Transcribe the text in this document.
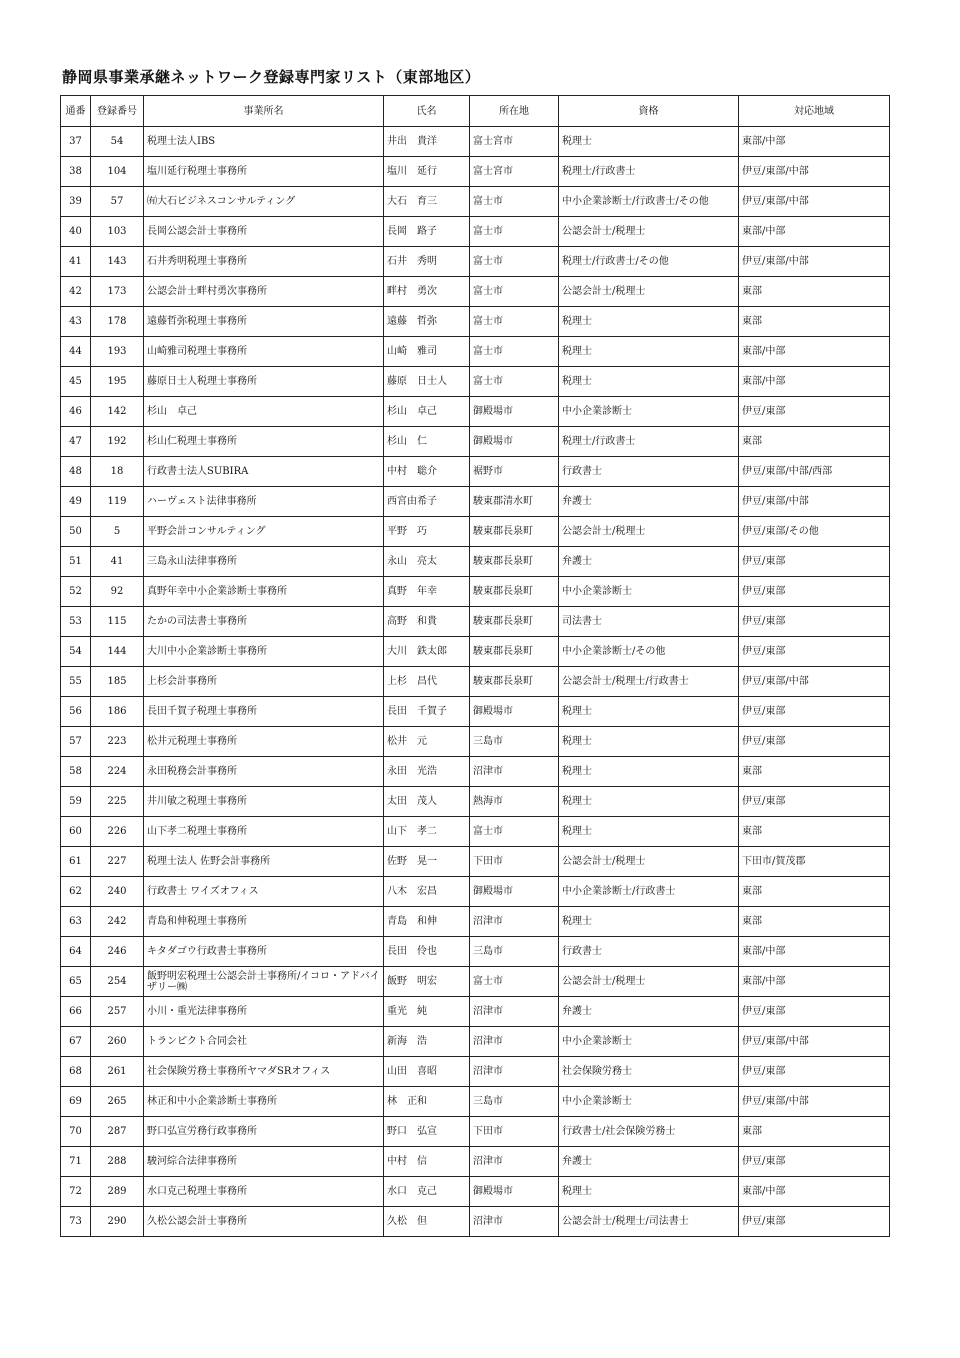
静岡県事業承継ネットワーク登録専門家リスト（東部地区）
通番	登録番号	事業所名	氏名	所在地	資格	対応地域
37	54	税理士法人IBS	井出　貴洋	富士宮市	税理士	東部/中部
38	104	塩川延行税理士事務所	塩川　延行	富士宮市	税理士/行政書士	伊豆/東部/中部
39	57	㈲大石ビジネスコンサルティング	大石　育三	富士市	中小企業診断士/行政書士/その他	伊豆/東部/中部
40	103	長岡公認会計士事務所	長岡　路子	富士市	公認会計士/税理士	東部/中部
41	143	石井秀明税理士事務所	石井　秀明	富士市	税理士/行政書士/その他	伊豆/東部/中部
42	173	公認会計士畔村勇次事務所	畔村　勇次	富士市	公認会計士/税理士	東部
43	178	遠藤哲弥税理士事務所	遠藤　哲弥	富士市	税理士	東部
44	193	山崎雅司税理士事務所	山崎　雅司	富士市	税理士	東部/中部
45	195	藤原日士人税理士事務所	藤原　日士人	富士市	税理士	東部/中部
46	142	杉山　卓己	杉山　卓己	御殿場市	中小企業診断士	伊豆/東部
47	192	杉山仁税理士事務所	杉山　仁	御殿場市	税理士/行政書士	東部
48	18	行政書士法人SUBIRA	中村　聡介	裾野市	行政書士	伊豆/東部/中部/西部
49	119	ハーヴェスト法律事務所	西宮由希子	駿東郡清水町	弁護士	伊豆/東部/中部
50	5	平野会計コンサルティング	平野　巧	駿東郡長泉町	公認会計士/税理士	伊豆/東部/その他
51	41	三島永山法律事務所	永山　亮太	駿東郡長泉町	弁護士	伊豆/東部
52	92	真野年幸中小企業診断士事務所	真野　年幸	駿東郡長泉町	中小企業診断士	伊豆/東部
53	115	たかの司法書士事務所	高野　和貴	駿東郡長泉町	司法書士	伊豆/東部
54	144	大川中小企業診断士事務所	大川　鉄太郎	駿東郡長泉町	中小企業診断士/その他	伊豆/東部
55	185	上杉会計事務所	上杉　昌代	駿東郡長泉町	公認会計士/税理士/行政書士	伊豆/東部/中部
56	186	長田千賀子税理士事務所	長田　千賀子	御殿場市	税理士	伊豆/東部
57	223	松井元税理士事務所	松井　元	三島市	税理士	伊豆/東部
58	224	永田税務会計事務所	永田　光浩	沼津市	税理士	東部
59	225	井川敏之税理士事務所	太田　茂人	熱海市	税理士	伊豆/東部
60	226	山下孝二税理士事務所	山下　孝二	富士市	税理士	東部
61	227	税理士法人 佐野会計事務所	佐野　晃一	下田市	公認会計士/税理士	下田市/賀茂郡
62	240	行政書士 ワイズオフィス	八木　宏昌	御殿場市	中小企業診断士/行政書士	東部
63	242	青島和伸税理士事務所	青島　和伸	沼津市	税理士	東部
64	246	キタダゴウ行政書士事務所	長田　伶也	三島市	行政書士	東部/中部
65	254	飯野明宏税理士公認会計士事務所/イコロ・アドバイザリー㈱	飯野　明宏	富士市	公認会計士/税理士	東部/中部
66	257	小川・重光法律事務所	重光　純	沼津市	弁護士	伊豆/東部
67	260	トランピクト合同会社	新海　浩	沼津市	中小企業診断士	伊豆/東部/中部
68	261	社会保険労務士事務所ヤマダSRオフィス	山田　喜昭	沼津市	社会保険労務士	伊豆/東部
69	265	林正和中小企業診断士事務所	林　正和	三島市	中小企業診断士	伊豆/東部/中部
70	287	野口弘宣労務行政事務所	野口　弘宣	下田市	行政書士/社会保険労務士	東部
71	288	駿河綜合法律事務所	中村　信	沼津市	弁護士	伊豆/東部
72	289	水口克己税理士事務所	水口　克己	御殿場市	税理士	東部/中部
73	290	久松公認会計士事務所	久松　但	沼津市	公認会計士/税理士/司法書士	伊豆/東部
